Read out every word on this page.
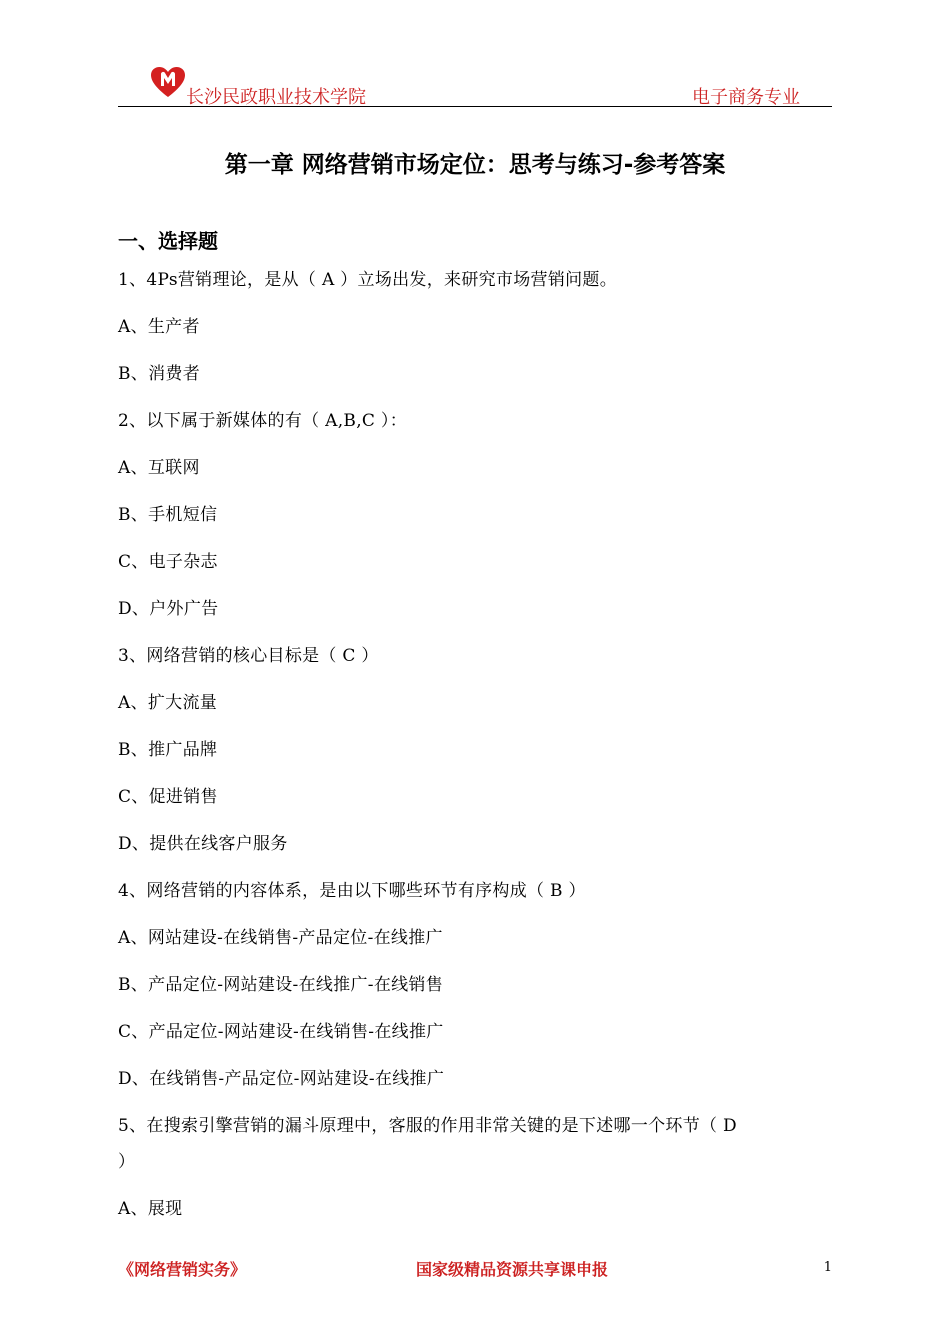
长沙民政职业技术学院	电子商务专业
第一章 网络营销市场定位：思考与练习-参考答案
一、选择题
1、4Ps营销理论，是从（ A ）立场出发，来研究市场营销问题。
A、生产者
B、消费者
2、以下属于新媒体的有（ A,B,C ）：
A、互联网
B、手机短信
C、电子杂志
D、户外广告
3、网络营销的核心目标是（ C ）
A、扩大流量
B、推广品牌
C、促进销售
D、提供在线客户服务
4、网络营销的内容体系，是由以下哪些环节有序构成（ B ）
A、网站建设-在线销售-产品定位-在线推广
B、产品定位-网站建设-在线推广-在线销售
C、产品定位-网站建设-在线销售-在线推广
D、在线销售-产品定位-网站建设-在线推广
5、在搜索引擎营销的漏斗原理中，客服的作用非常关键的是下述哪一个环节（ D
）
A、展现
《网络营销实务》	国家级精品资源共享课申报	1
